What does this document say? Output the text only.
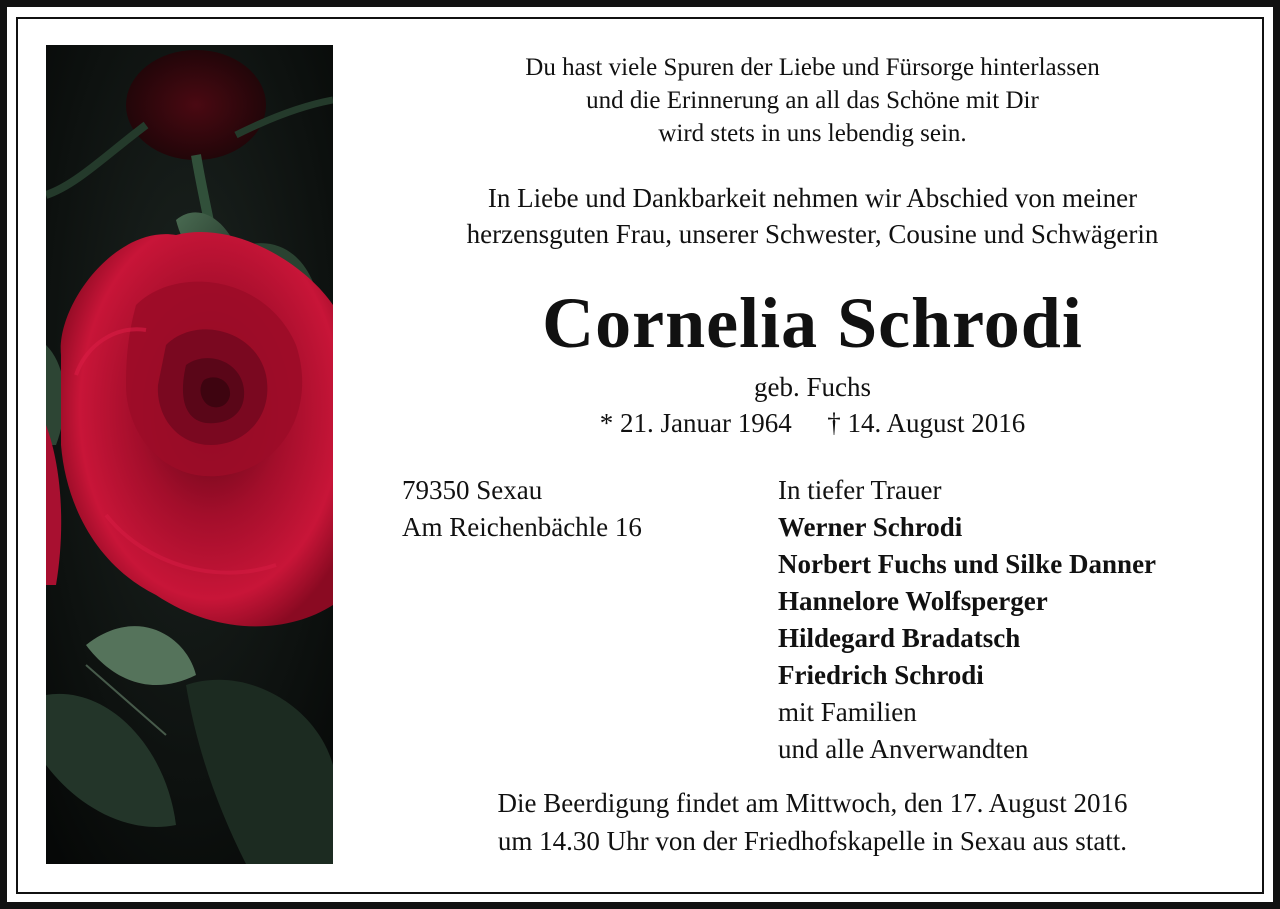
Du hast viele Spuren der Liebe und Fürsorge hinterlassen
und die Erinnerung an all das Schöne mit Dir
wird stets in uns lebendig sein.
In Liebe und Dankbarkeit nehmen wir Abschied von meiner
herzensguten Frau, unserer Schwester, Cousine und Schwägerin
Cornelia Schrodi
geb. Fuchs
* 21. Januar 1964 † 14. August 2016
79350 Sexau
Am Reichenbächle 16
In tiefer Trauer
Werner Schrodi
Norbert Fuchs und Silke Danner
Hannelore Wolfsperger
Hildegard Bradatsch
Friedrich Schrodi
mit Familien
und alle Anverwandten
Die Beerdigung findet am Mittwoch, den 17. August 2016
um 14.30 Uhr von der Friedhofskapelle in Sexau aus statt.
